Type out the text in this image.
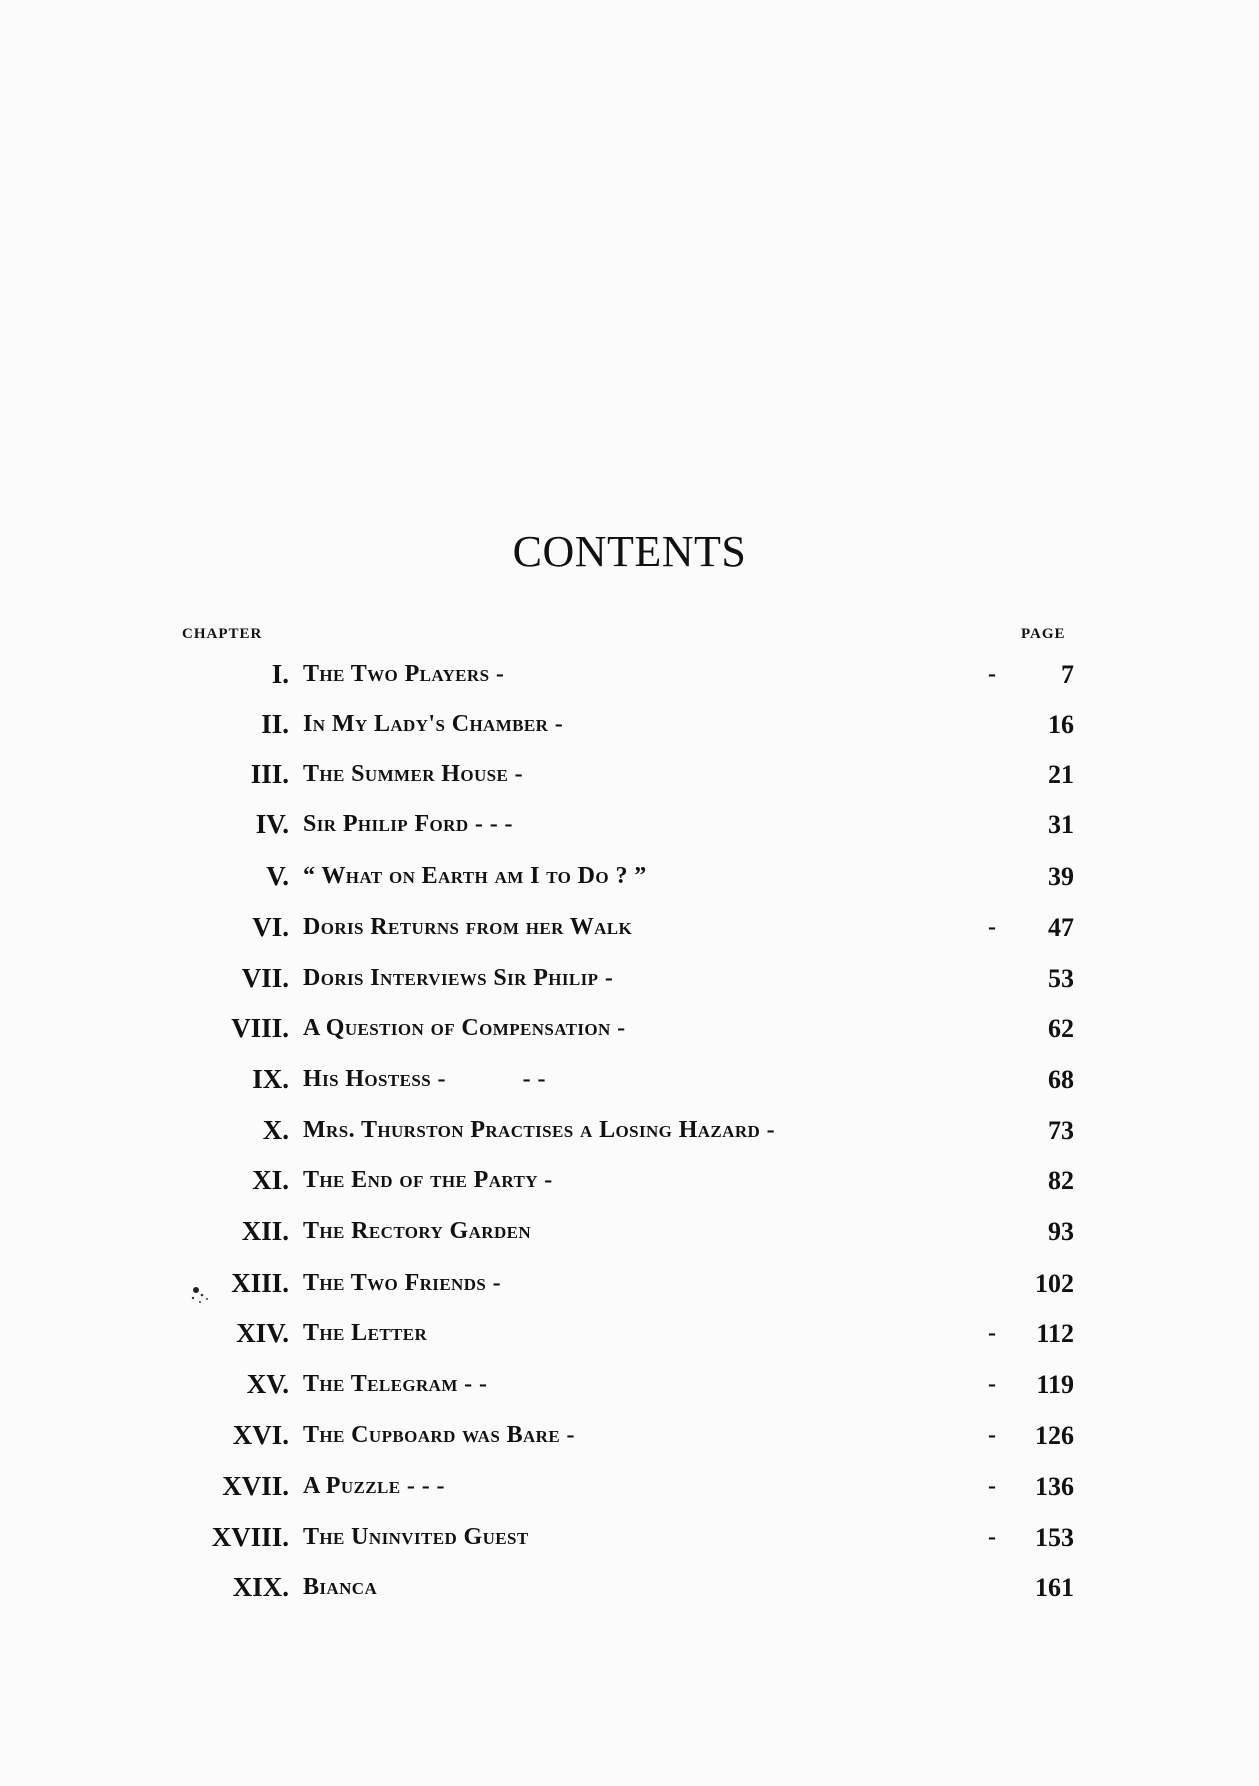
CONTENTS
CHAPTER	PAGE
I. The Two Players -	-	7
II. In My Lady's Chamber -	16
III. The Summer House -	21
IV. Sir Philip Ford - - -	31
V. “ What on Earth am I to Do ? ”	39
VI. Doris Returns from her Walk	-	47
VII. Doris Interviews Sir Philip -	53
VIII. A Question of Compensation -	62
IX. His Hostess -            - -	68
X. Mrs. Thurston Practises a Losing Hazard -	73
XI. The End of the Party -	82
XII. The Rectory Garden	93
XIII. The Two Friends -	102
XIV. The Letter	-	112
XV. The Telegram - -	-	119
XVI. The Cupboard was Bare -	-	126
XVII. A Puzzle - - -	-	136
XVIII. The Uninvited Guest	-	153
XIX. Bianca	161
